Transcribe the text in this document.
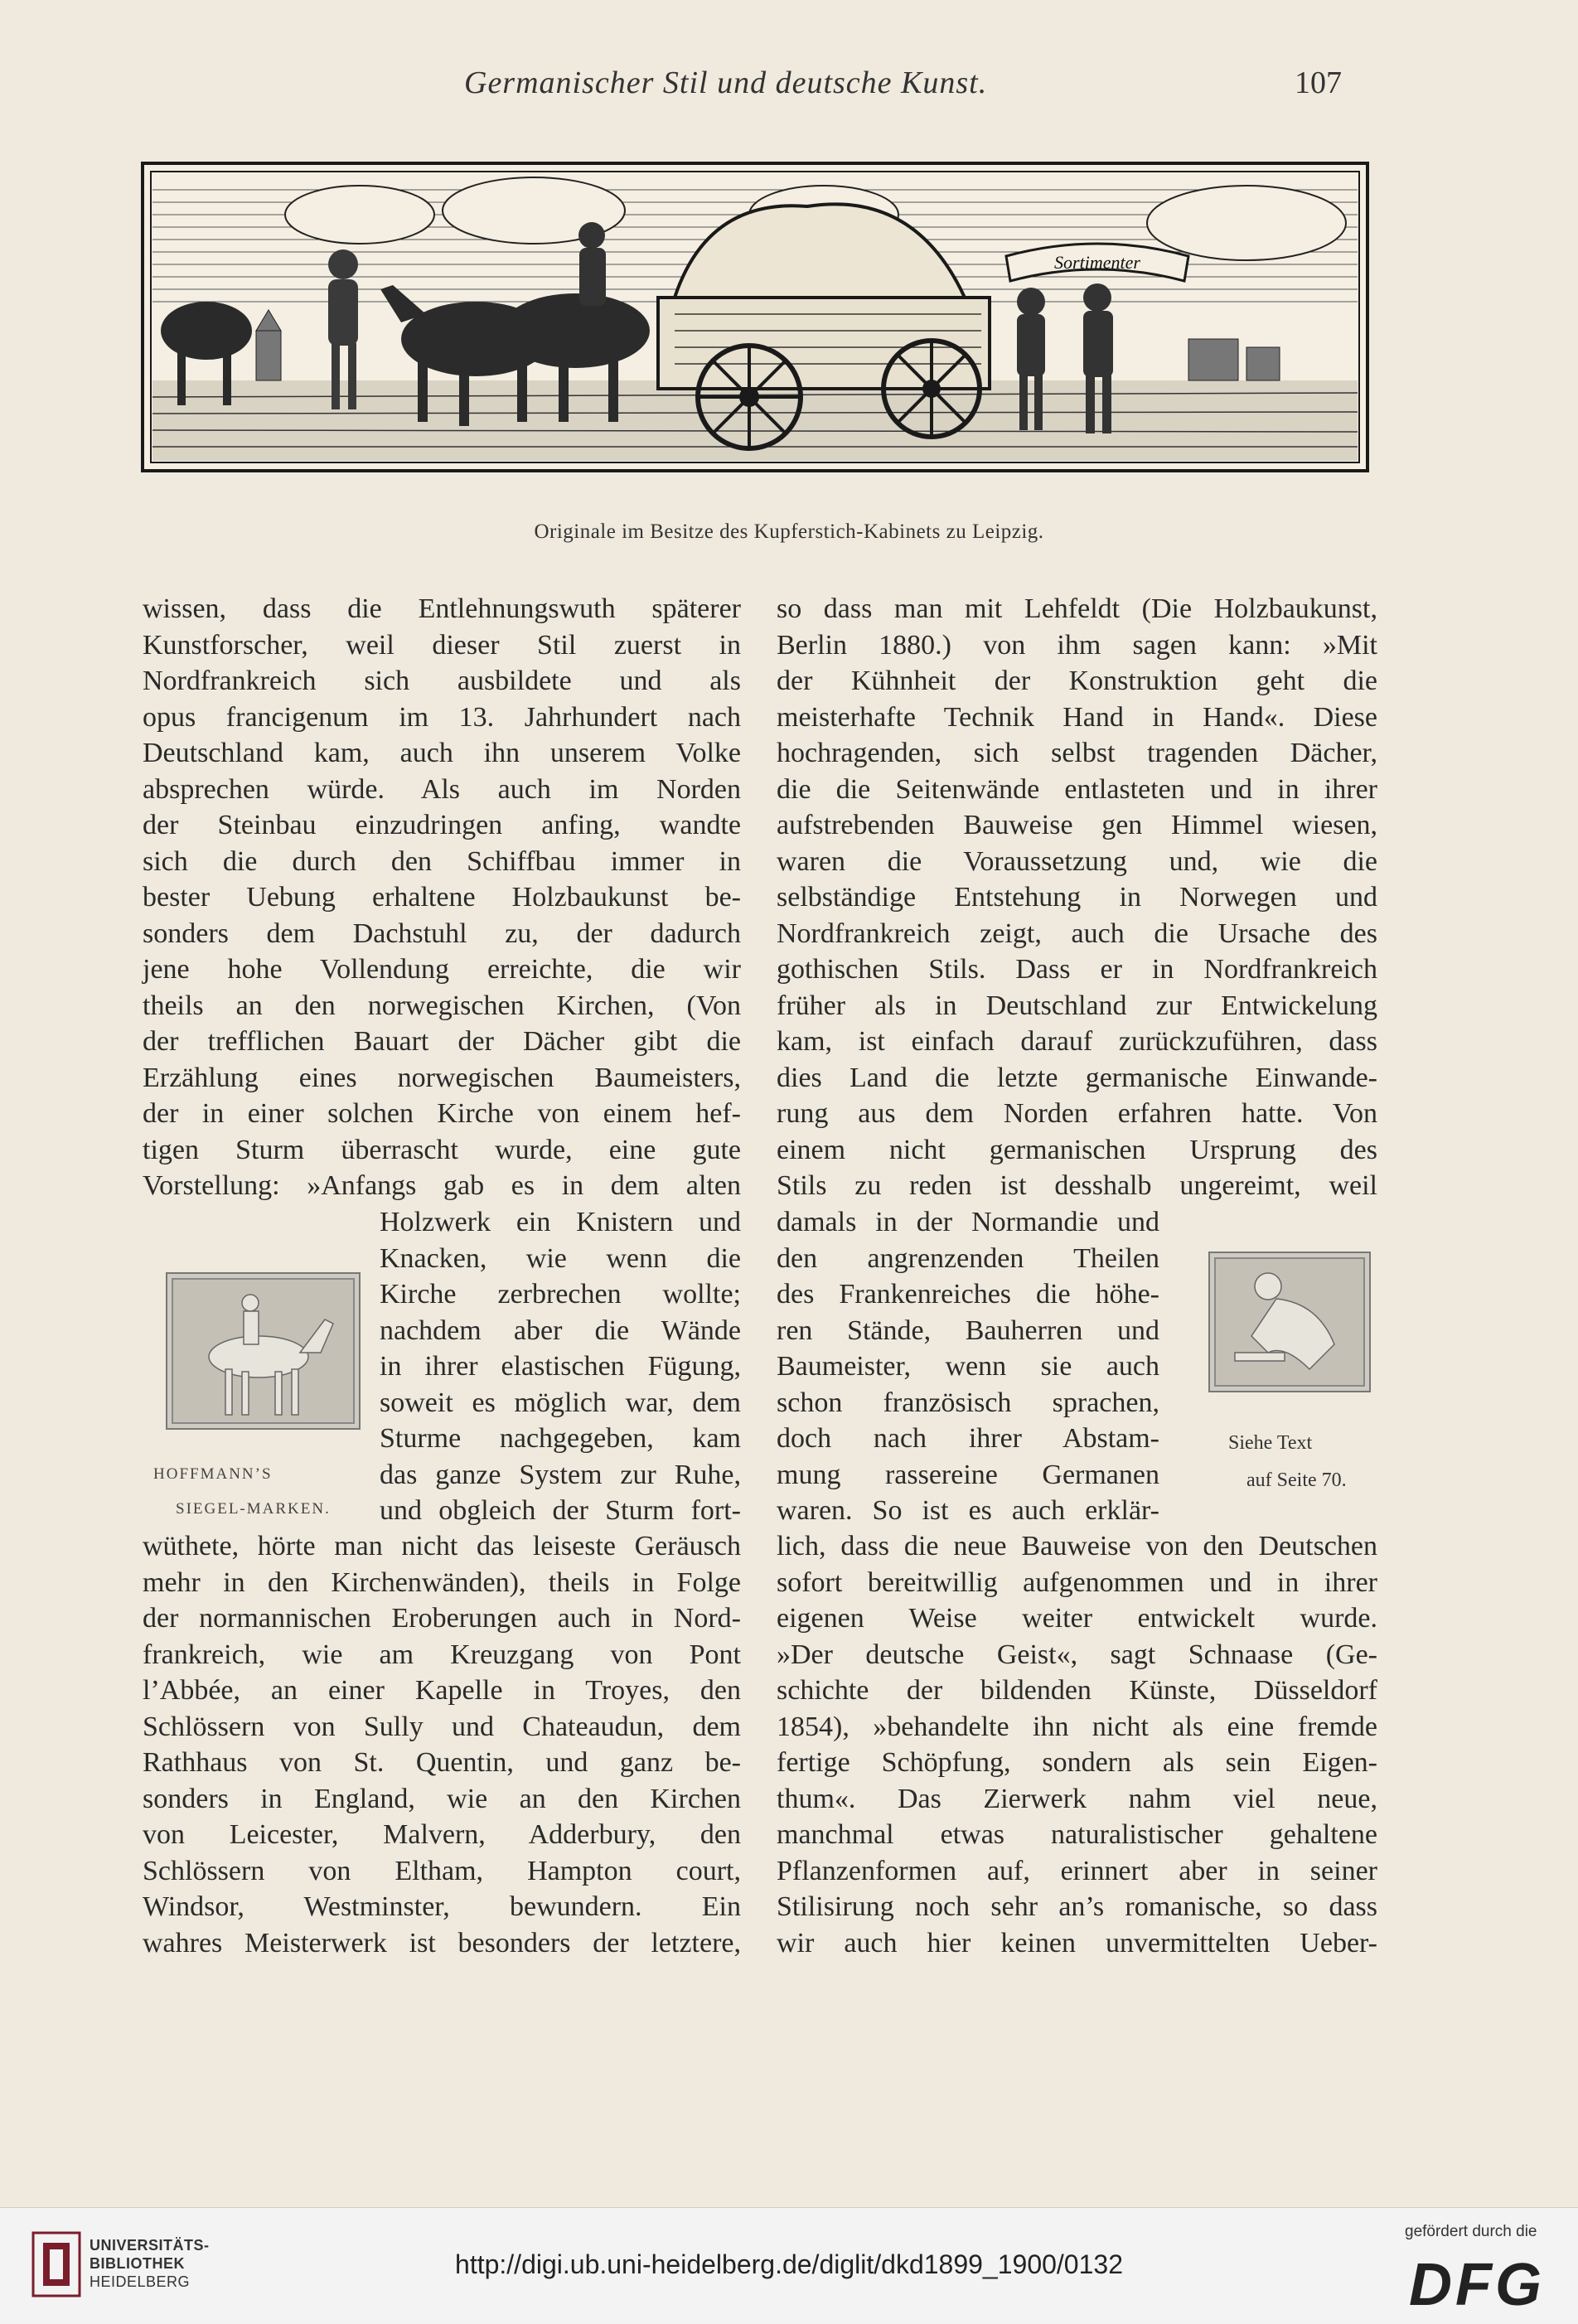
Germanischer Stil und deutsche Kunst.	107
Sortimenter
Originale im Besitze des Kupferstich-Kabinets zu Leipzig.
wissen, dass die Entlehnungswuth späterer
Kunstforscher, weil dieser Stil zuerst in
Nordfrankreich sich ausbildete und als
opus francigenum im 13. Jahrhundert nach
Deutschland kam, auch ihn unserem Volke
absprechen würde. Als auch im Norden
der Steinbau einzudringen anfing, wandte
sich die durch den Schiffbau immer in
bester Uebung erhaltene Holzbaukunst be-
sonders dem Dachstuhl zu, der dadurch
jene hohe Vollendung erreichte, die wir
theils an den norwegischen Kirchen, (Von
der trefflichen Bauart der Dächer gibt die
Erzählung eines norwegischen Baumeisters,
der in einer solchen Kirche von einem hef-
tigen Sturm überrascht wurde, eine gute
Vorstellung: »Anfangs gab es in dem alten
HOFFMANN’S
SIEGEL-MARKEN.
Holzwerk ein Knistern und
Knacken, wie wenn die
Kirche zerbrechen wollte;
nachdem aber die Wände
in ihrer elastischen Fügung,
soweit es möglich war, dem
Sturme nachgegeben, kam
das ganze System zur Ruhe,
und obgleich der Sturm fort-
wüthete, hörte man nicht das leiseste Geräusch
mehr in den Kirchenwänden), theils in Folge
der normannischen Eroberungen auch in Nord-
frankreich, wie am Kreuzgang von Pont
l’Abbée, an einer Kapelle in Troyes, den
Schlössern von Sully und Chateaudun, dem
Rathhaus von St. Quentin, und ganz be-
sonders in England, wie an den Kirchen
von Leicester, Malvern, Adderbury, den
Schlössern von Eltham, Hampton court,
Windsor, Westminster, bewundern. Ein
wahres Meisterwerk ist besonders der letztere,
so dass man mit Lehfeldt (Die Holzbaukunst,
Berlin 1880.) von ihm sagen kann: »Mit
der Kühnheit der Konstruktion geht die
meisterhafte Technik Hand in Hand«. Diese
hochragenden, sich selbst tragenden Dächer,
die die Seitenwände entlasteten und in ihrer
aufstrebenden Bauweise gen Himmel wiesen,
waren die Voraussetzung und, wie die
selbständige Entstehung in Norwegen und
Nordfrankreich zeigt, auch die Ursache des
gothischen Stils. Dass er in Nordfrankreich
früher als in Deutschland zur Entwickelung
kam, ist einfach darauf zurückzuführen, dass
dies Land die letzte germanische Einwande-
rung aus dem Norden erfahren hatte. Von
einem nicht germanischen Ursprung des
Stils zu reden ist desshalb ungereimt, weil
damals in der Normandie und
den angrenzenden Theilen
des Frankenreiches die höhe-
ren Stände, Bauherren und
Baumeister, wenn sie auch
schon französisch sprachen,
doch nach ihrer Abstam-
mung rassereine Germanen
waren. So ist es auch erklär-
Siehe Text
auf Seite 70.
lich, dass die neue Bauweise von den Deutschen
sofort bereitwillig aufgenommen und in ihrer
eigenen Weise weiter entwickelt wurde.
»Der deutsche Geist«, sagt Schnaase (Ge-
schichte der bildenden Künste, Düsseldorf
1854), »behandelte ihn nicht als eine fremde
fertige Schöpfung, sondern als sein Eigen-
thum«. Das Zierwerk nahm viel neue,
manchmal etwas naturalistischer gehaltene
Pflanzenformen auf, erinnert aber in seiner
Stilisirung noch sehr an’s romanische, so dass
wir auch hier keinen unvermittelten Ueber-
UNIVERSITÄTS-
BIBLIOTHEK
HEIDELBERG
http://digi.ub.uni-heidelberg.de/diglit/dkd1899_1900/0132
gefördert durch die
DFG
